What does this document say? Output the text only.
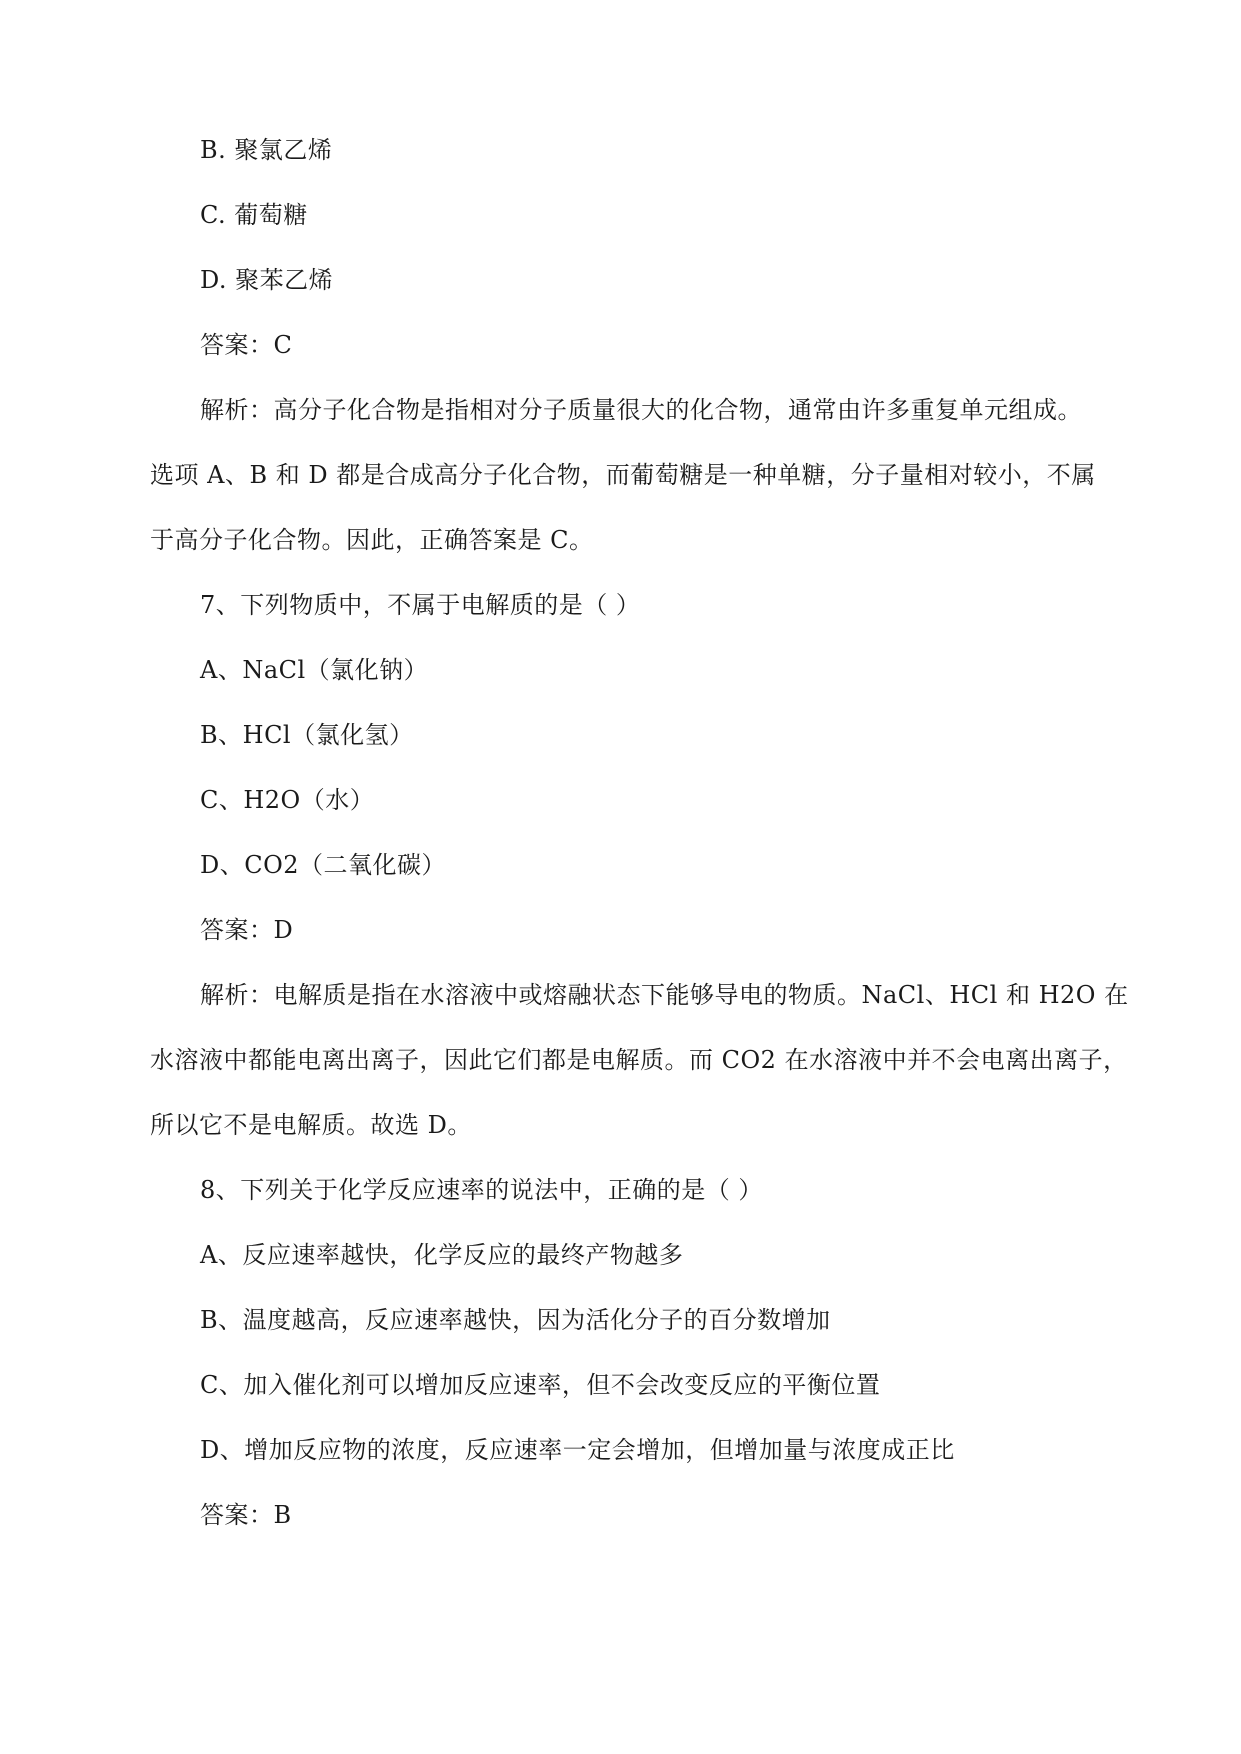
B. 聚氯乙烯
C. 葡萄糖
D. 聚苯乙烯
答案：C
解析：高分子化合物是指相对分子质量很大的化合物，通常由许多重复单元组成。
选项 A、B 和 D 都是合成高分子化合物，而葡萄糖是一种单糖，分子量相对较小，不属
于高分子化合物。因此，正确答案是 C。
7、下列物质中，不属于电解质的是（ ）
A、NaCl（氯化钠）
B、HCl（氯化氢）
C、H2O（水）
D、CO2（二氧化碳）
答案：D
解析：电解质是指在水溶液中或熔融状态下能够导电的物质。NaCl、HCl 和 H2O 在
水溶液中都能电离出离子，因此它们都是电解质。而 CO2 在水溶液中并不会电离出离子，
所以它不是电解质。故选 D。
8、下列关于化学反应速率的说法中，正确的是（ ）
A、反应速率越快，化学反应的最终产物越多
B、温度越高，反应速率越快，因为活化分子的百分数增加
C、加入催化剂可以增加反应速率，但不会改变反应的平衡位置
D、增加反应物的浓度，反应速率一定会增加，但增加量与浓度成正比
答案：B
